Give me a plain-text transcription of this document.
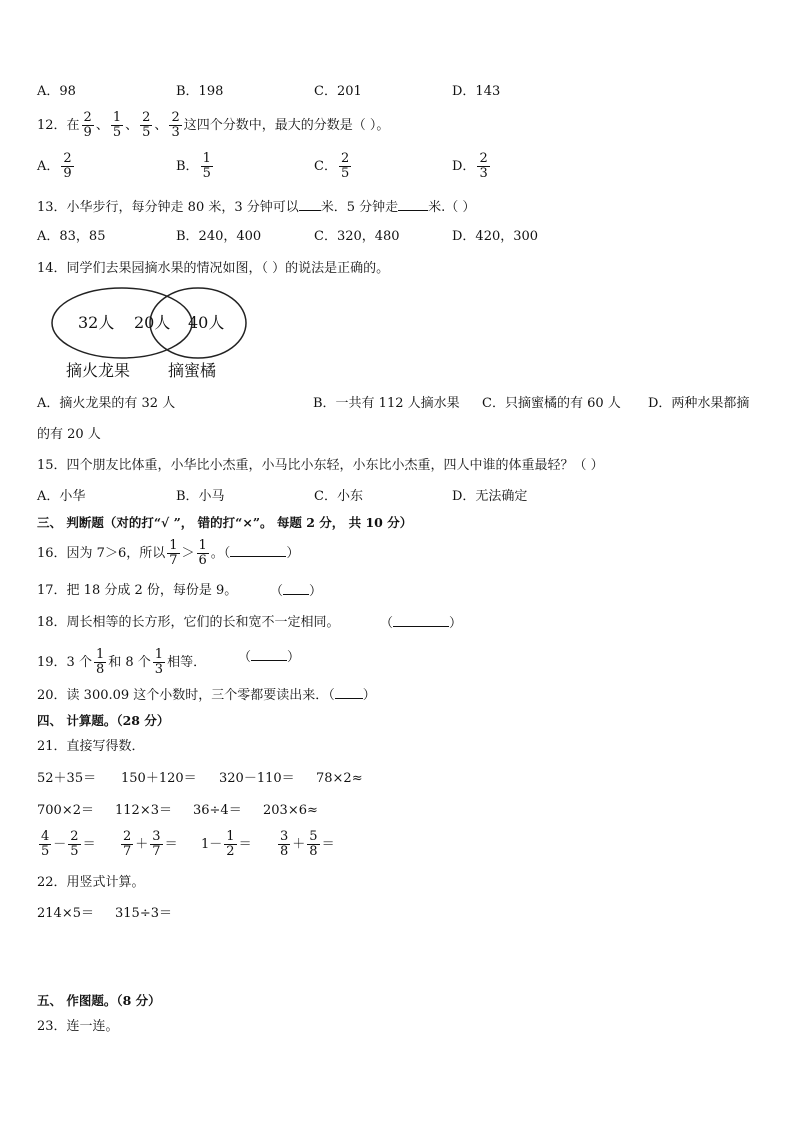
A．98	B．198	C．201	D．143
12．在 $\frac{2}{9}$ 、 $\frac{1}{5}$ 、 $\frac{2}{5}$ 、 $\frac{2}{3}$ 这四个分数中，最大的分数是（ ）。
A． $\frac{2}{9}$	B． $\frac{1}{5}$	C． $\frac{2}{5}$	D． $\frac{2}{3}$
13．小华步行，每分钟走 80 米，3 分钟可以 米．5 分钟走 米.（ ）
A．83，85	B．240，400	C．320，480	D．420，300
14．同学们去果园摘水果的情况如图，（ ）的说法是正确的。
32人 20人 40人
摘火龙果 摘蜜橘
A．摘火龙果的有 32 人	B．一共有 112 人摘水果 C．只摘蜜橘的有 60 人 D．两种水果都摘
的有 20 人
15．四个朋友比体重，小华比小杰重，小马比小东轻，小东比小杰重，四人中谁的体重最轻？（ ）
A．小华	B．小马	C．小东	D．无法确定
三、 判断题（对的打“√ ”， 错的打“×”。 每题 2 分， 共 10 分）
16．因为 7＞6，所以 $\frac{1}{7} > \frac{1}{6}$ 。（	）
17．把 18 分成 2 份，每份是 9。	（ ）
18．周长相等的长方形，它们的长和宽不一定相同。	（	）
19．3 个 $\frac{1}{8}$ 和 8 个 $\frac{1}{3}$ 相等． （	）
20．读 300.09 这个小数时，三个零都要读出来．（ ）
四、 计算题。（28 分）
21．直接写得数．
52＋35＝ 150＋120＝ 320－110＝ 78×2≈
700×2＝ 112×3＝ 36÷4＝ 203×6≈
$\frac{4}{5} - \frac{2}{5} = \frac{2}{7} + \frac{3}{7} = 1- \frac{1}{2} = \frac{3}{8} + \frac{5}{8}$ ＝
22．用竖式计算。
214×5＝ 315÷3＝
五、 作图题。（8 分）
23．连一连。
